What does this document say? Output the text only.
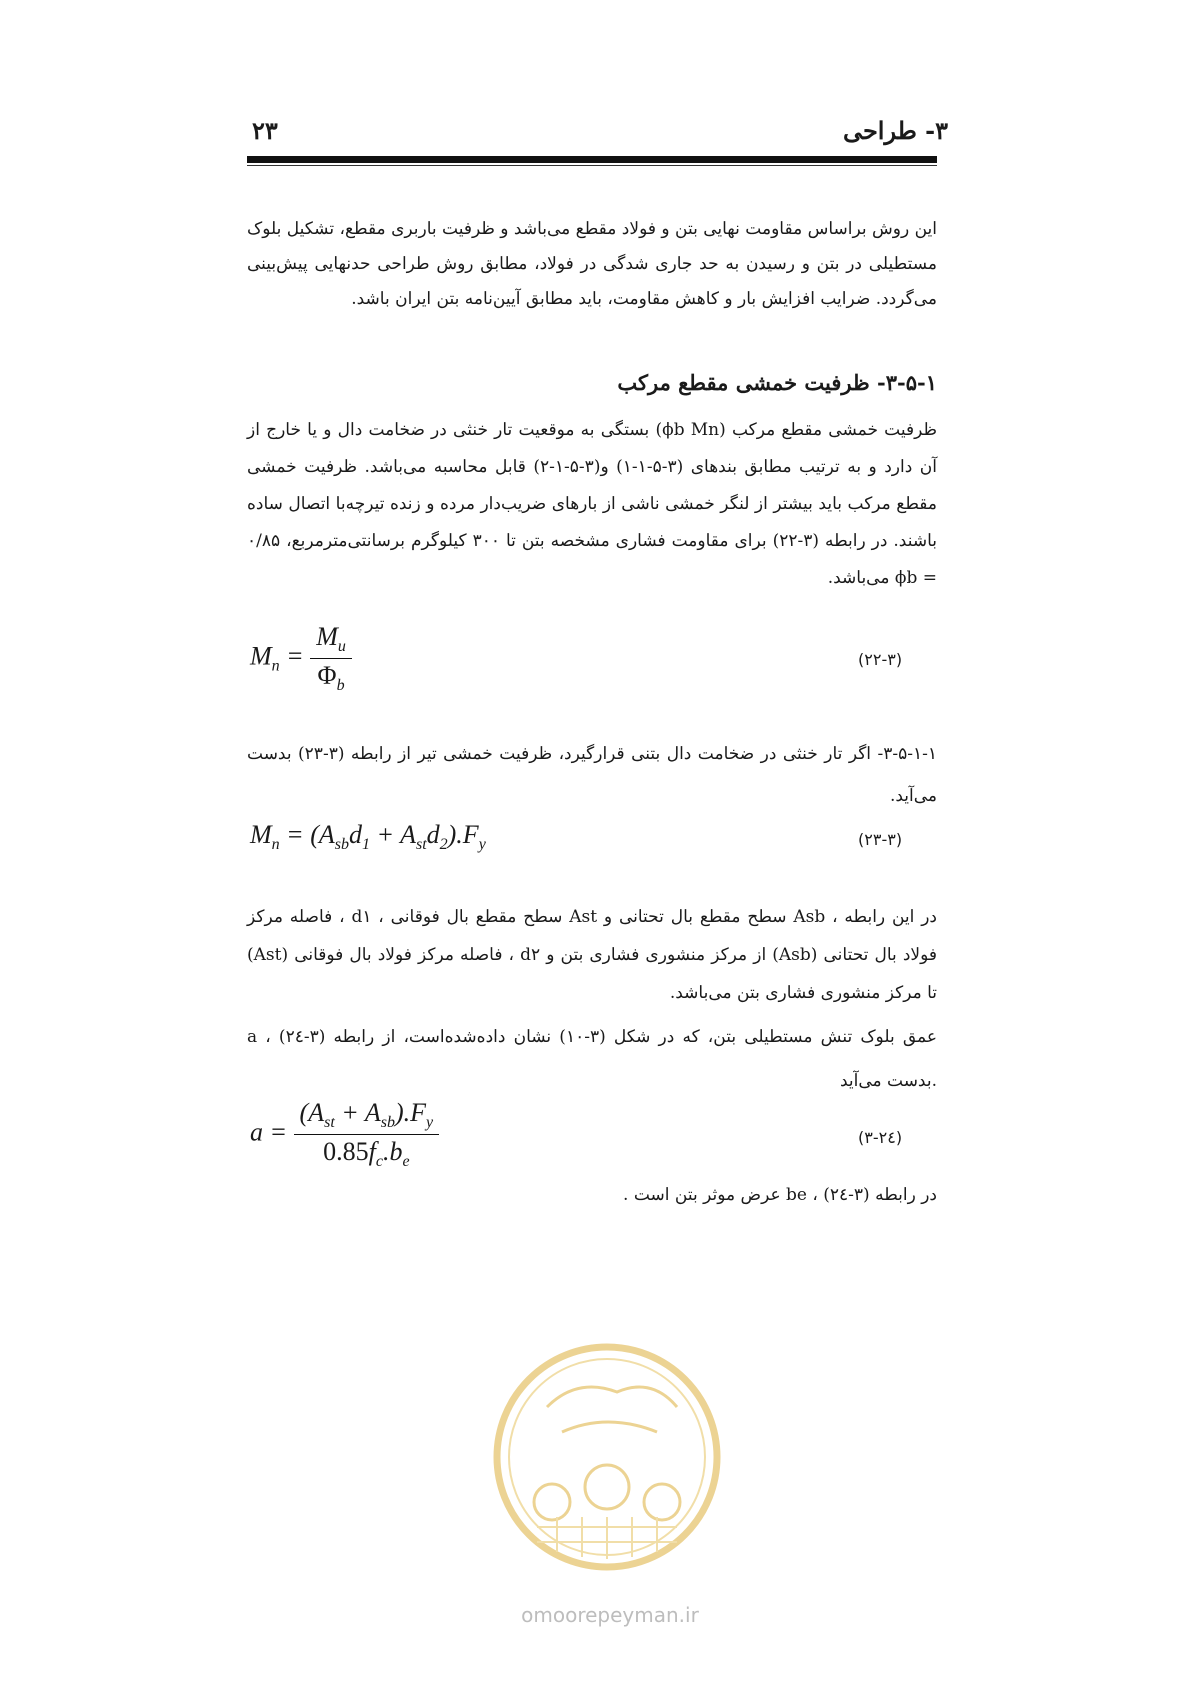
۲۳	۳- طراحی
این روش براساس مقاومت نهایی بتن و فولاد مقطع می‌باشد و ظرفیت باربری مقطع، تشکیل بلوک مستطیلی در بتن و رسیدن به حد جاری شدگی در فولاد، مطابق روش طراحی حدنهایی پیش‌بینی می‌گردد. ضرایب افزایش بار و کاهش مقاومت، باید مطابق آیین‌نامه بتن ایران باشد.
۳-۵-۱- ظرفیت خمشی مقطع مرکب
ظرفیت خمشی مقطع مرکب (ϕb Mn) بستگی به موقعیت تار خنثی در ضخامت دال و یا خارج از آن دارد و به ترتیب مطابق بندهای (۳-۵-۱-۱) و(۳-۵-۱-۲) قابل محاسبه می‌باشد. ظرفیت خمشی مقطع مرکب باید بیشتر از لنگر خمشی ناشی از بارهای ضریب‌دار مرده و زنده تیرچه‌با اتصال ساده باشند. در رابطه (۳-۲۲) برای مقاومت فشاری مشخصه بتن تا ۳۰۰ کیلوگرم برسانتی‌مترمربع، ۰/۸۵ = ϕb می‌باشد.
$M_n = \frac{M_u}{\Phi_b}$	(۲۲-۳)
۳-۵-۱-۱- اگر تار خنثی در ضخامت دال بتنی قرارگیرد، ظرفیت خمشی تیر از رابطه (۳-۲۳) بدست می‌آید.
$M_n = (A_{sb}d_1 + A_{st}d_2).F_y$	(۲۳-۳)
در این رابطه ، Asb سطح مقطع بال تحتانی و Ast سطح مقطع بال فوقانی ، d۱ ، فاصله مرکز فولاد بال تحتانی (Asb) از مرکز منشوری فشاری بتن و d۲ ، فاصله مرکز فولاد بال فوقانی (Ast) تا مرکز منشوری فشاری بتن می‌باشد.
a ، عمق بلوک تنش مستطیلی بتن، که در شکل (۳-۱۰) نشان داده‌شده‌است، از رابطه (۳-۲٤) بدست می‌آید.
$a = \frac{(A_{st} + A_{sb}).F_y}{0.85f_c.b_e}$	(۲٤-۳)
در رابطه (۳-۲٤) ، be عرض موثر بتن است .
omoorepeyman.ir
